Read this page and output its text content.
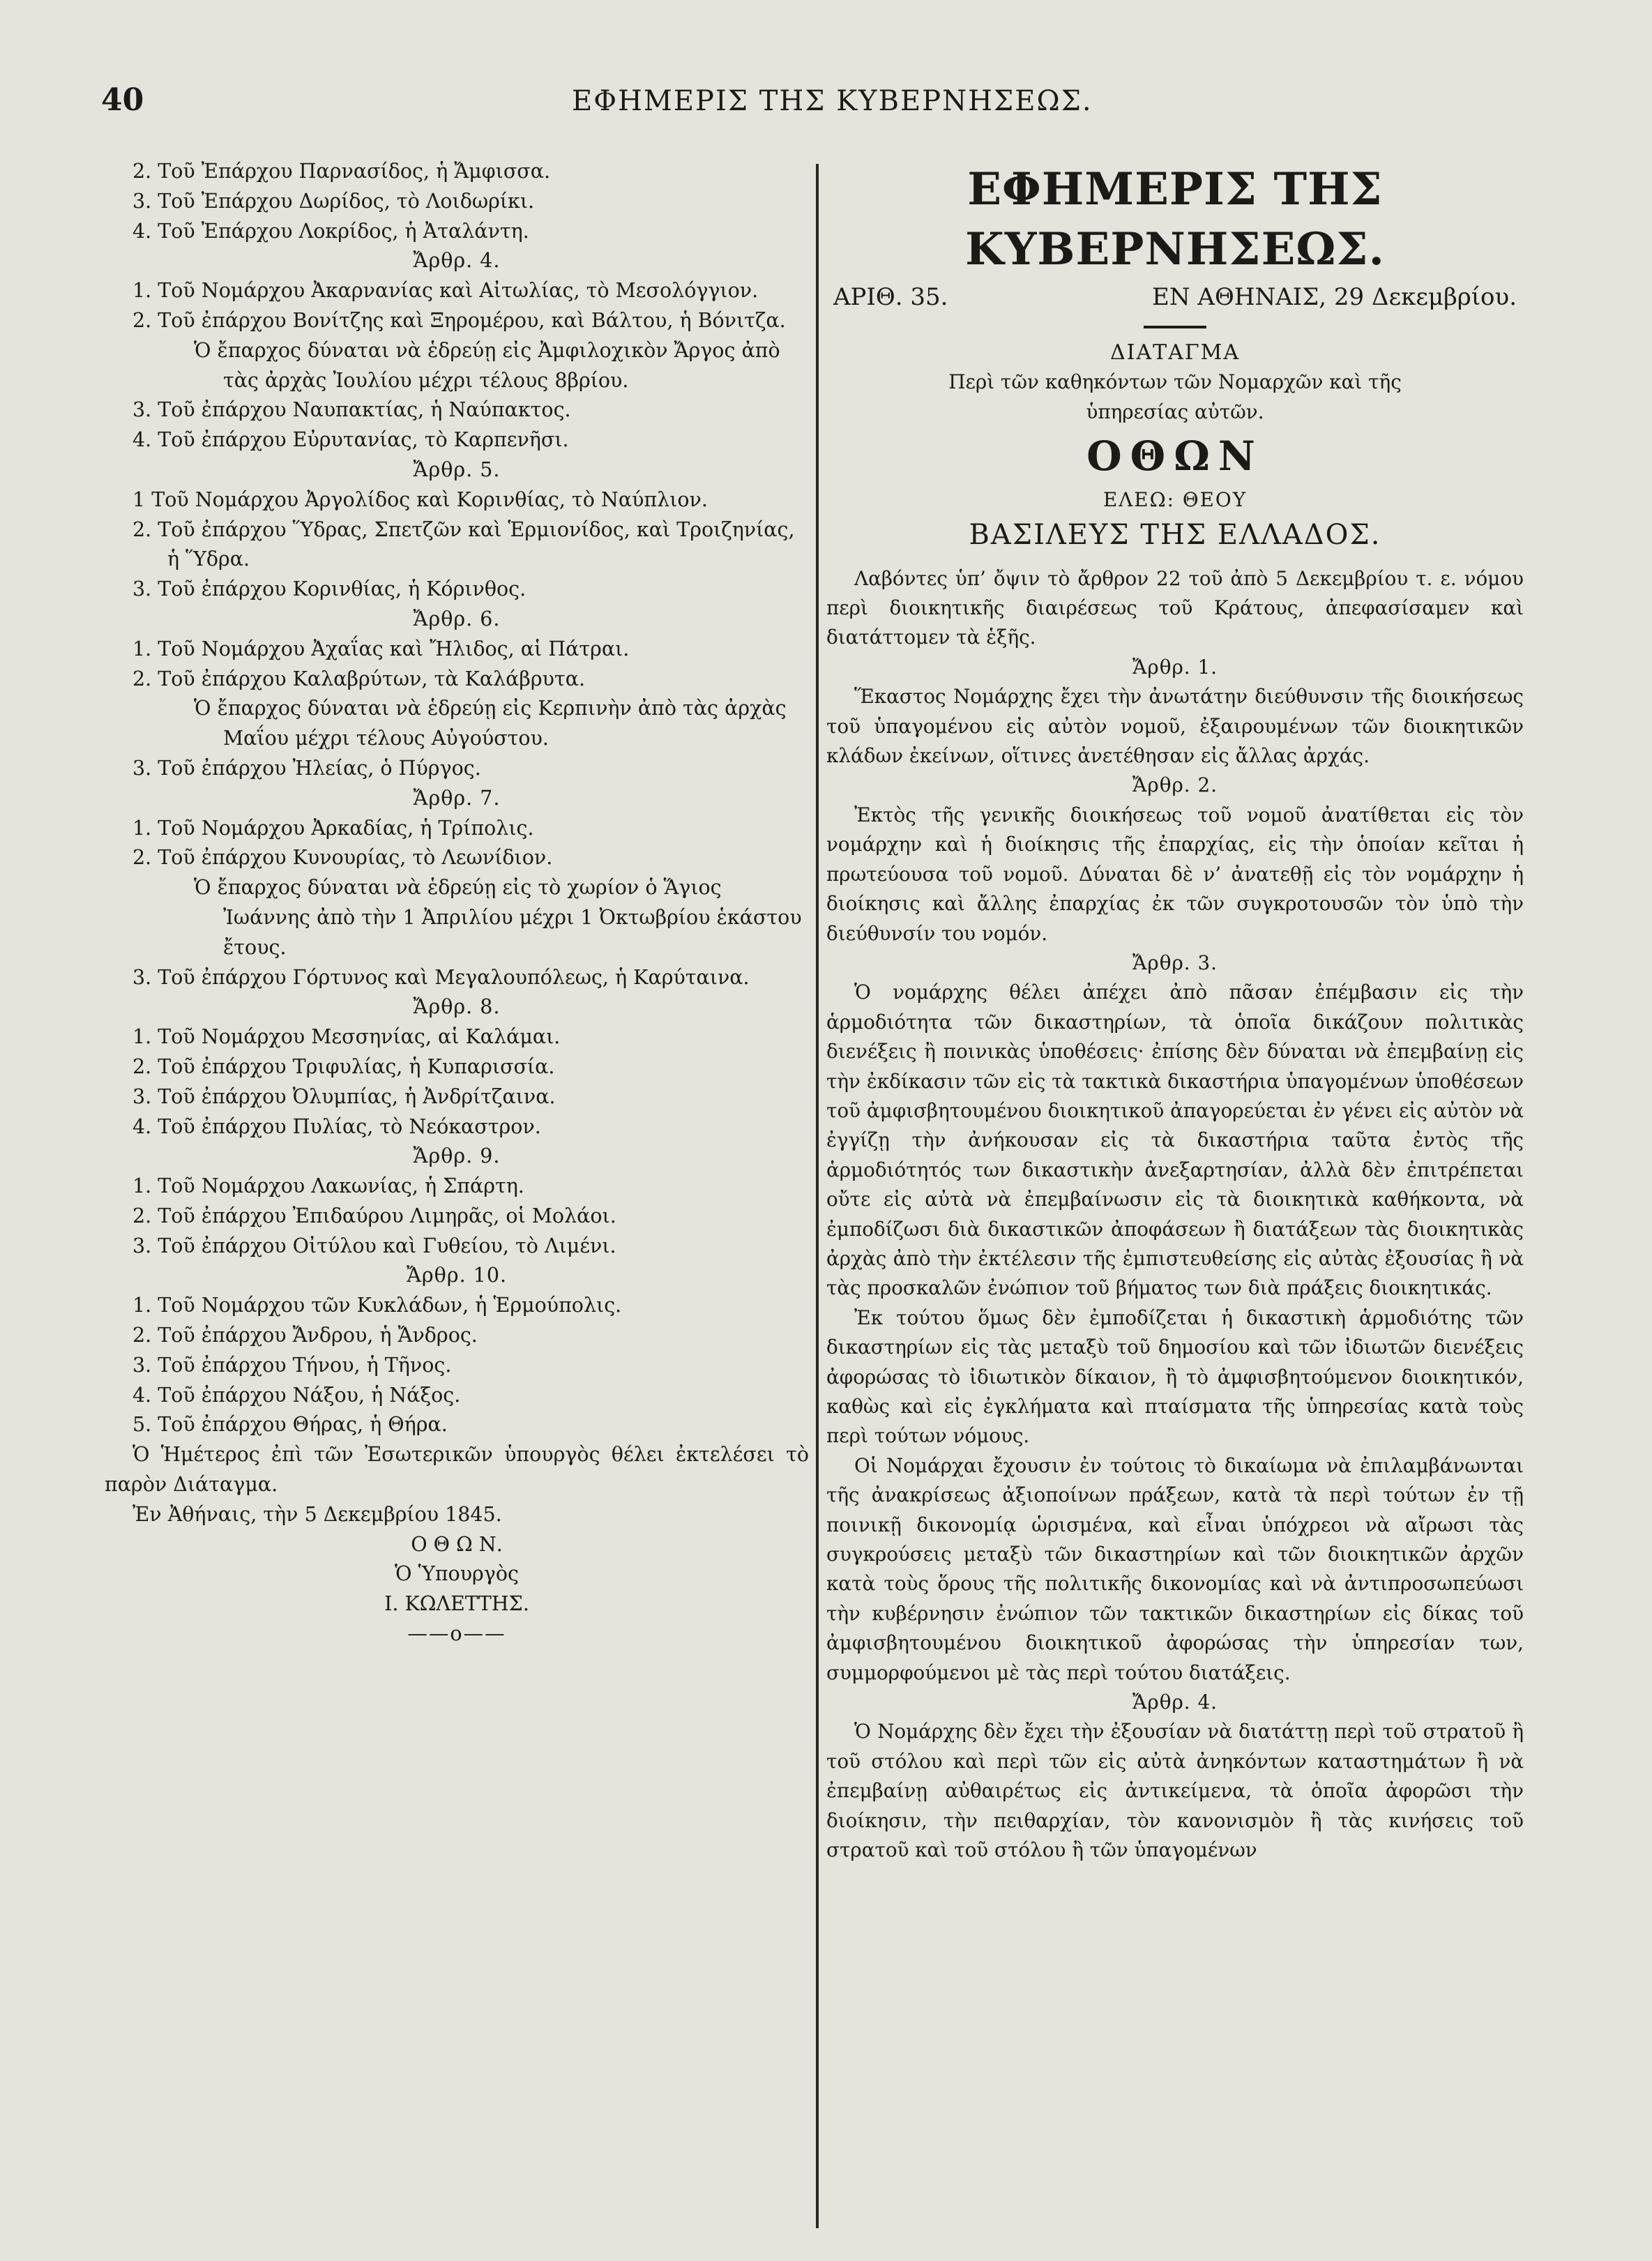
40	ΕΦΗΜΕΡΙΣ ΤΗΣ ΚΥΒΕΡΝΗΣΕΩΣ.
2. Τοῦ Ἐπάρχου Παρνασίδος, ἡ Ἄμφισσα.
3. Τοῦ Ἐπάρχου Δωρίδος, τὸ Λοιδωρίκι.
4. Τοῦ Ἐπάρχου Λοκρίδος, ἡ Ἀταλάντη.
Ἄρθρ. 4.
1. Τοῦ Νομάρχου Ἀκαρνανίας καὶ Αἰτωλίας, τὸ Μεσολόγγιον.
2. Τοῦ ἐπάρχου Βονίτζης καὶ Ξηρομέρου, καὶ Βάλτου, ἡ Βόνιτζα.
Ὁ ἔπαρχος δύναται νὰ ἑδρεύῃ εἰς Ἀμφιλοχικὸν Ἄργος ἀπὸ τὰς ἀρχὰς Ἰουλίου μέχρι τέλους 8βρίου.
3. Τοῦ ἐπάρχου Ναυπακτίας, ἡ Ναύπακτος.
4. Τοῦ ἐπάρχου Εὐρυτανίας, τὸ Καρπενῆσι.
Ἄρθρ. 5.
1 Τοῦ Νομάρχου Ἀργολίδος καὶ Κορινθίας, τὸ Ναύπλιον.
2. Τοῦ ἐπάρχου Ὕδρας, Σπετζῶν καὶ Ἑρμιονίδος, καὶ Τροιζηνίας, ἡ Ὕδρα.
3. Τοῦ ἐπάρχου Κορινθίας, ἡ Κόρινθος.
Ἄρθρ. 6.
1. Τοῦ Νομάρχου Ἀχαΐας καὶ Ἤλιδος, αἱ Πάτραι.
2. Τοῦ ἐπάρχου Καλαβρύτων, τὰ Καλάβρυτα.
Ὁ ἔπαρχος δύναται νὰ ἑδρεύῃ εἰς Κερπινὴν ἀπὸ τὰς ἀρχὰς Μαΐου μέχρι τέλους Αὐγούστου.
3. Τοῦ ἐπάρχου Ἠλείας, ὁ Πύργος.
Ἄρθρ. 7.
1. Τοῦ Νομάρχου Ἀρκαδίας, ἡ Τρίπολις.
2. Τοῦ ἐπάρχου Κυνουρίας, τὸ Λεωνίδιον.
Ὁ ἔπαρχος δύναται νὰ ἑδρεύῃ εἰς τὸ χωρίον ὁ Ἅγιος Ἰωάννης ἀπὸ τὴν 1 Ἀπριλίου μέχρι 1 Ὀκτωβρίου ἑκάστου ἔτους.
3. Τοῦ ἐπάρχου Γόρτυνος καὶ Μεγαλουπόλεως, ἡ Καρύταινα.
Ἄρθρ. 8.
1. Τοῦ Νομάρχου Μεσσηνίας, αἱ Καλάμαι.
2. Τοῦ ἐπάρχου Τριφυλίας, ἡ Κυπαρισσία.
3. Τοῦ ἐπάρχου Ὀλυμπίας, ἡ Ἀνδρίτζαινα.
4. Τοῦ ἐπάρχου Πυλίας, τὸ Νεόκαστρον.
Ἄρθρ. 9.
1. Τοῦ Νομάρχου Λακωνίας, ἡ Σπάρτη.
2. Τοῦ ἐπάρχου Ἐπιδαύρου Λιμηρᾶς, οἱ Μολάοι.
3. Τοῦ ἐπάρχου Οἰτύλου καὶ Γυθείου, τὸ Λιμένι.
Ἄρθρ. 10.
1. Τοῦ Νομάρχου τῶν Κυκλάδων, ἡ Ἑρμούπολις.
2. Τοῦ ἐπάρχου Ἄνδρου, ἡ Ἄνδρος.
3. Τοῦ ἐπάρχου Τήνου, ἡ Τῆνος.
4. Τοῦ ἐπάρχου Νάξου, ἡ Νάξος.
5. Τοῦ ἐπάρχου Θήρας, ἡ Θήρα.
Ὁ Ἡμέτερος ἐπὶ τῶν Ἐσωτερικῶν ὑπουργὸς θέλει ἐκτελέσει τὸ παρὸν Διάταγμα.
Ἐν Ἀθήναις, τὴν 5 Δεκεμβρίου 1845.
Ο Θ Ω Ν.
Ὁ Ὑπουργὸς
Ι. ΚΩΛΕΤΤΗΣ.
——ο——
ΕΦΗΜΕΡΙΣ ΤΗΣ ΚΥΒΕΡΝΗΣΕΩΣ.
ΑΡΙΘ. 35.	ΕΝ ΑΘΗΝΑΙΣ, 29 Δεκεμβρίου.
ΔΙΑΤΑΓΜΑ
Περὶ τῶν καθηκόντων τῶν Νομαρχῶν καὶ τῆς ὑπηρεσίας αὐτῶν.
ΟΘΩΝ
ΕΛΕΩ: ΘΕΟΥ
ΒΑΣΙΛΕΥΣ ΤΗΣ ΕΛΛΑΔΟΣ.
Λαβόντες ὑπ’ ὄψιν τὸ ἄρθρον 22 τοῦ ἀπὸ 5 Δεκεμβρίου τ. ε. νόμου περὶ διοικητικῆς διαιρέσεως τοῦ Κράτους, ἀπεφασίσαμεν καὶ διατάττομεν τὰ ἑξῆς.
Ἄρθρ. 1.
Ἕκαστος Νομάρχης ἔχει τὴν ἀνωτάτην διεύθυνσιν τῆς διοικήσεως τοῦ ὑπαγομένου εἰς αὐτὸν νομοῦ, ἐξαιρουμένων τῶν διοικητικῶν κλάδων ἐκείνων, οἵτινες ἀνετέθησαν εἰς ἄλλας ἀρχάς.
Ἄρθρ. 2.
Ἐκτὸς τῆς γενικῆς διοικήσεως τοῦ νομοῦ ἀνατίθεται εἰς τὸν νομάρχην καὶ ἡ διοίκησις τῆς ἐπαρχίας, εἰς τὴν ὁποίαν κεῖται ἡ πρωτεύουσα τοῦ νομοῦ. Δύναται δὲ ν’ ἀνατεθῇ εἰς τὸν νομάρχην ἡ διοίκησις καὶ ἄλλης ἐπαρχίας ἐκ τῶν συγκροτουσῶν τὸν ὑπὸ τὴν διεύθυνσίν του νομόν.
Ἄρθρ. 3.
Ὁ νομάρχης θέλει ἀπέχει ἀπὸ πᾶσαν ἐπέμβασιν εἰς τὴν ἁρμοδιότητα τῶν δικαστηρίων, τὰ ὁποῖα δικάζουν πολιτικὰς διενέξεις ἢ ποινικὰς ὑποθέσεις· ἐπίσης δὲν δύναται νὰ ἐπεμβαίνῃ εἰς τὴν ἐκδίκασιν τῶν εἰς τὰ τακτικὰ δικαστήρια ὑπαγομένων ὑποθέσεων τοῦ ἀμφισβητουμένου διοικητικοῦ ἀπαγορεύεται ἐν γένει εἰς αὐτὸν νὰ ἐγγίζῃ τὴν ἀνήκουσαν εἰς τὰ δικαστήρια ταῦτα ἐντὸς τῆς ἁρμοδιότητός των δικαστικὴν ἀνεξαρτησίαν, ἀλλὰ δὲν ἐπιτρέπεται οὔτε εἰς αὐτὰ νὰ ἐπεμβαίνωσιν εἰς τὰ διοικητικὰ καθήκοντα, νὰ ἐμποδίζωσι διὰ δικαστικῶν ἀποφάσεων ἢ διατάξεων τὰς διοικητικὰς ἀρχὰς ἀπὸ τὴν ἐκτέλεσιν τῆς ἐμπιστευθείσης εἰς αὐτὰς ἐξουσίας ἢ νὰ τὰς προσκαλῶν ἐνώπιον τοῦ βήματος των διὰ πράξεις διοικητικάς.
Ἐκ τούτου ὅμως δὲν ἐμποδίζεται ἡ δικαστικὴ ἁρμοδιότης τῶν δικαστηρίων εἰς τὰς μεταξὺ τοῦ δημοσίου καὶ τῶν ἰδιωτῶν διενέξεις ἀφορώσας τὸ ἰδιωτικὸν δίκαιον, ἢ τὸ ἀμφισβητούμενον διοικητικόν, καθὼς καὶ εἰς ἐγκλήματα καὶ πταίσματα τῆς ὑπηρεσίας κατὰ τοὺς περὶ τούτων νόμους.
Οἱ Νομάρχαι ἔχουσιν ἐν τούτοις τὸ δικαίωμα νὰ ἐπιλαμβάνωνται τῆς ἀνακρίσεως ἀξιοποίνων πράξεων, κατὰ τὰ περὶ τούτων ἐν τῇ ποινικῇ δικονομίᾳ ὡρισμένα, καὶ εἶναι ὑπόχρεοι νὰ αἴρωσι τὰς συγκρούσεις μεταξὺ τῶν δικαστηρίων καὶ τῶν διοικητικῶν ἀρχῶν κατὰ τοὺς ὅρους τῆς πολιτικῆς δικονομίας καὶ νὰ ἀντιπροσωπεύωσι τὴν κυβέρνησιν ἐνώπιον τῶν τακτικῶν δικαστηρίων εἰς δίκας τοῦ ἀμφισβητουμένου διοικητικοῦ ἀφορώσας τὴν ὑπηρεσίαν των, συμμορφούμενοι μὲ τὰς περὶ τούτου διατάξεις.
Ἄρθρ. 4.
Ὁ Νομάρχης δὲν ἔχει τὴν ἐξουσίαν νὰ διατάττῃ περὶ τοῦ στρατοῦ ἢ τοῦ στόλου καὶ περὶ τῶν εἰς αὐτὰ ἀνηκόντων καταστημάτων ἢ νὰ ἐπεμβαίνῃ αὐθαιρέτως εἰς ἀντικείμενα, τὰ ὁποῖα ἀφορῶσι τὴν διοίκησιν, τὴν πειθαρχίαν, τὸν κανονισμὸν ἢ τὰς κινήσεις τοῦ στρατοῦ καὶ τοῦ στόλου ἢ τῶν ὑπαγομένων
